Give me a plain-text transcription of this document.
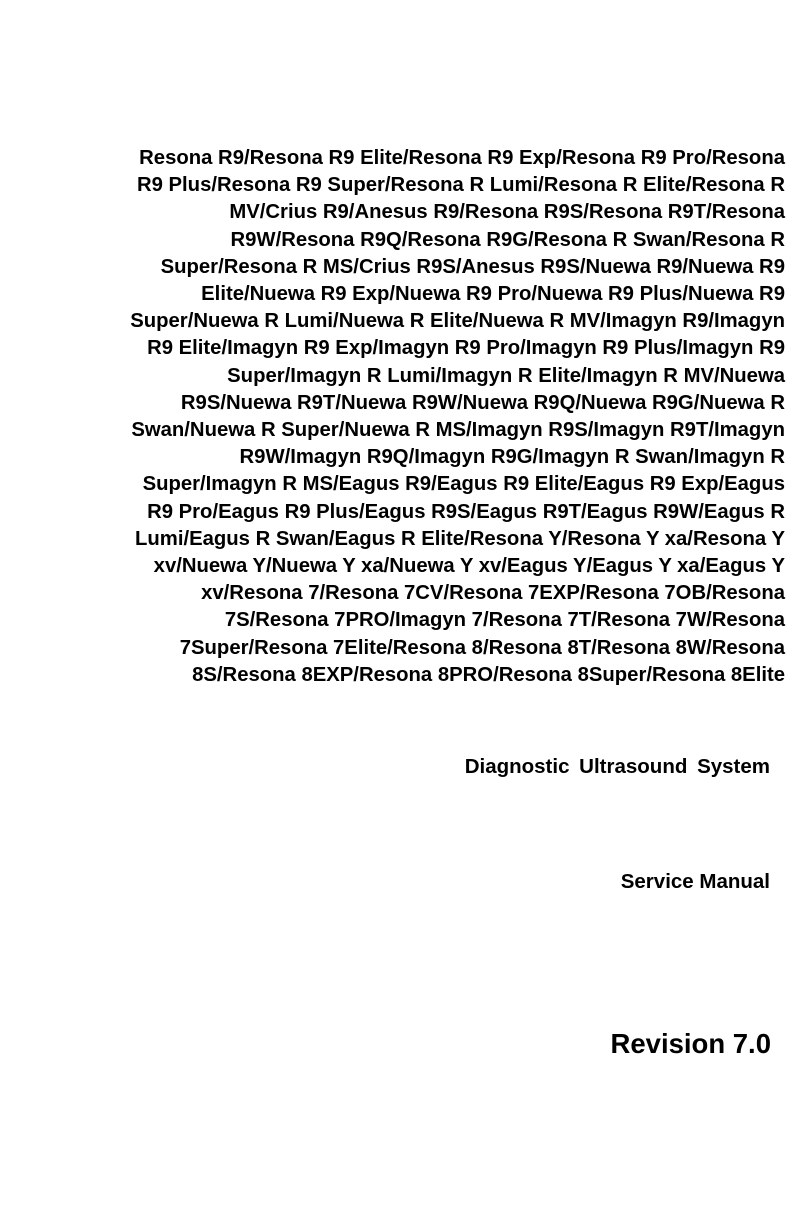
Resona R9/Resona R9 Elite/Resona R9 Exp/Resona R9 Pro/Resona
R9 Plus/Resona R9 Super/Resona R Lumi/Resona R Elite/Resona R
MV/Crius R9/Anesus R9/Resona R9S/Resona R9T/Resona
R9W/Resona R9Q/Resona R9G/Resona R Swan/Resona R
Super/Resona R MS/Crius R9S/Anesus R9S/Nuewa R9/Nuewa R9
Elite/Nuewa R9 Exp/Nuewa R9 Pro/Nuewa R9 Plus/Nuewa R9
Super/Nuewa R Lumi/Nuewa R Elite/Nuewa R MV/Imagyn R9/Imagyn
R9 Elite/Imagyn R9 Exp/Imagyn R9 Pro/Imagyn R9 Plus/Imagyn R9
Super/Imagyn R Lumi/Imagyn R Elite/Imagyn R MV/Nuewa
R9S/Nuewa R9T/Nuewa R9W/Nuewa R9Q/Nuewa R9G/Nuewa R
Swan/Nuewa R Super/Nuewa R MS/Imagyn R9S/Imagyn R9T/Imagyn
R9W/Imagyn R9Q/Imagyn R9G/Imagyn R Swan/Imagyn R
Super/Imagyn R MS/Eagus R9/Eagus R9 Elite/Eagus R9 Exp/Eagus
R9 Pro/Eagus R9 Plus/Eagus R9S/Eagus R9T/Eagus R9W/Eagus R
Lumi/Eagus R Swan/Eagus R Elite/Resona Y/Resona Y xa/Resona Y
xv/Nuewa Y/Nuewa Y xa/Nuewa Y xv/Eagus Y/Eagus Y xa/Eagus Y
xv/Resona 7/Resona 7CV/Resona 7EXP/Resona 7OB/Resona
7S/Resona 7PRO/Imagyn 7/Resona 7T/Resona 7W/Resona
7Super/Resona 7Elite/Resona 8/Resona 8T/Resona 8W/Resona
8S/Resona 8EXP/Resona 8PRO/Resona 8Super/Resona 8Elite
Diagnostic Ultrasound System
Service Manual
Revision 7.0
